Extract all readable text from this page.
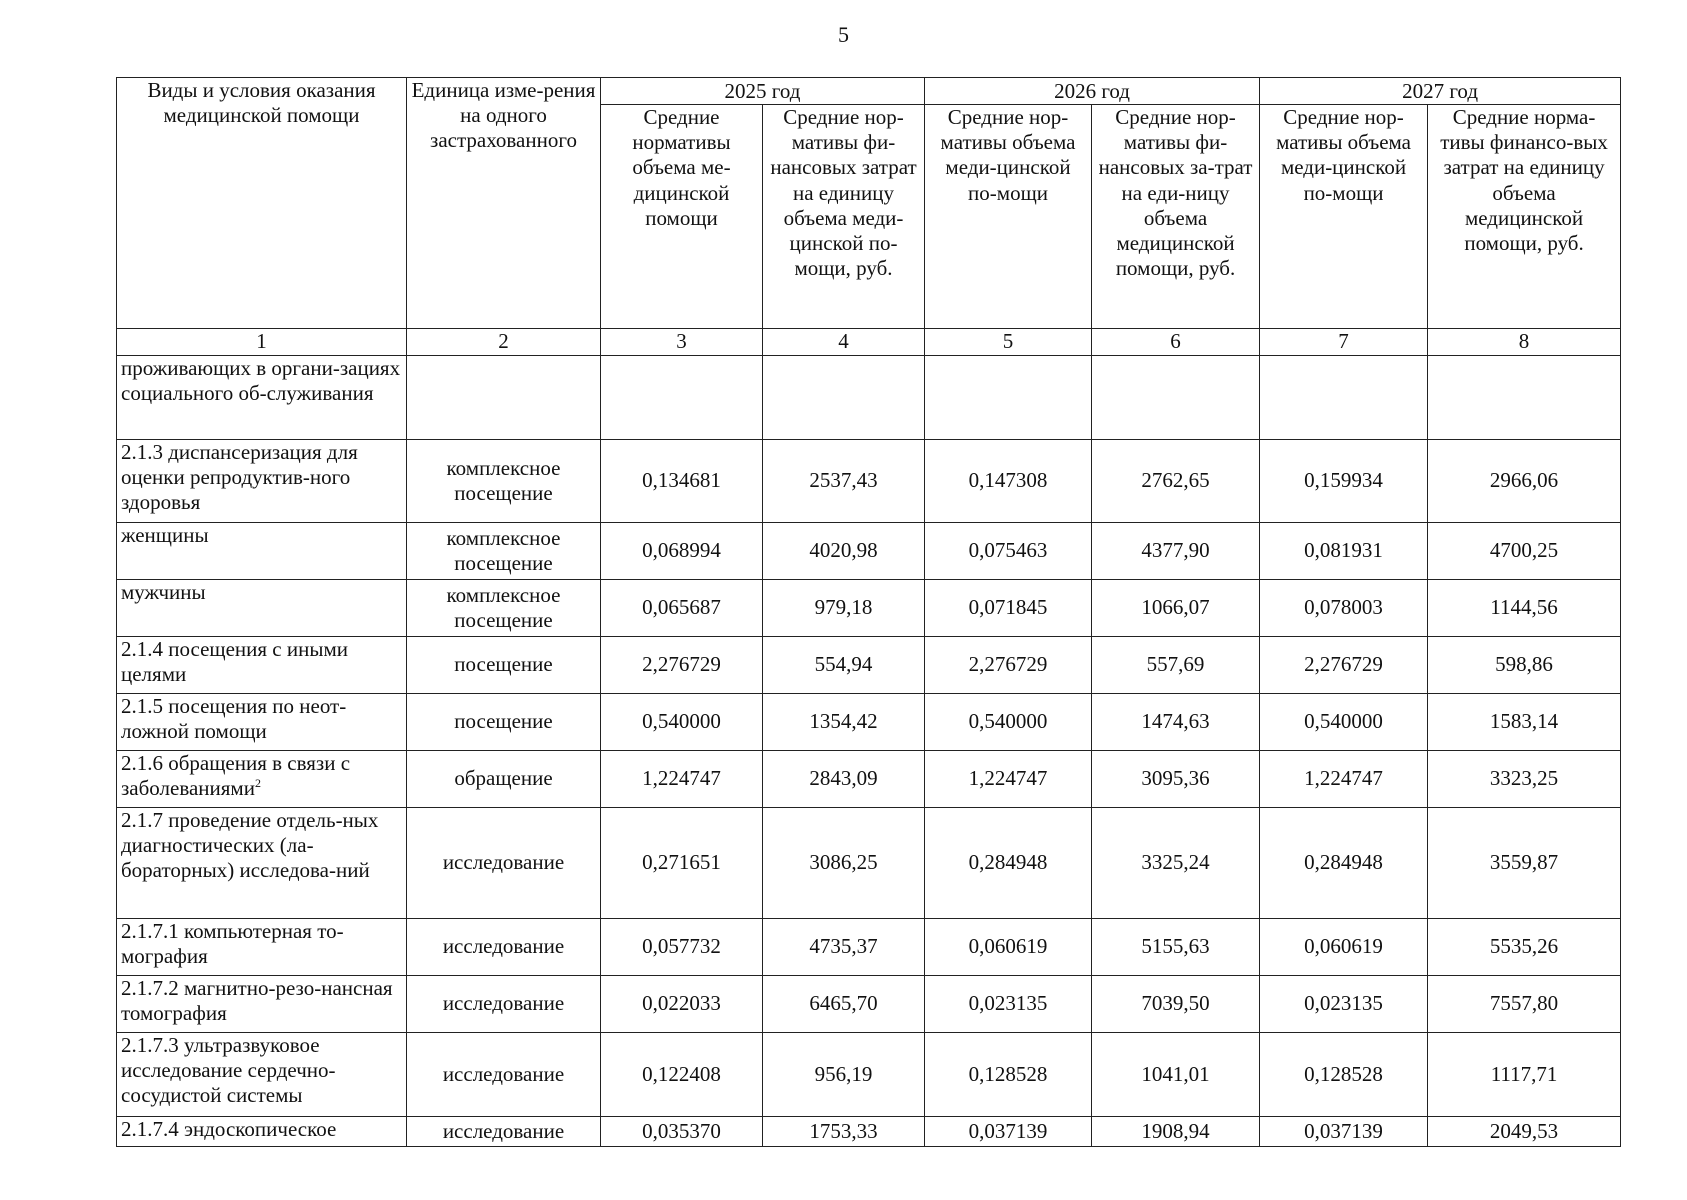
5
Виды и условия оказания медицинской помощи	Единица изме-рения на одного застрахованного	2025 год		2026 год		2027 год	
		Средние нормативы объема ме-дицинской помощи	Средние нор-мативы фи-нансовых затрат на единицу объема меди-цинской по-мощи, руб.	Средние нор-мативы объема меди-цинской по-мощи	Средние нор-мативы фи-нансовых за-трат на еди-ницу объема медицинской помощи, руб.	Средние нор-мативы объема меди-цинской по-мощи	Средние норма-тивы финансо-вых затрат на единицу объема медицинской помощи, руб.
1	2	3	4	5	6	7	8
проживающих в органи-зациях социального об-служивания							
2.1.3 диспансеризация для оценки репродуктив-ного здоровья	комплексное посещение	0,134681	2537,43	0,147308	2762,65	0,159934	2966,06
женщины	комплексное посещение	0,068994	4020,98	0,075463	4377,90	0,081931	4700,25
мужчины	комплексное посещение	0,065687	979,18	0,071845	1066,07	0,078003	1144,56
2.1.4 посещения с иными целями	посещение	2,276729	554,94	2,276729	557,69	2,276729	598,86
2.1.5 посещения по неот-ложной помощи	посещение	0,540000	1354,42	0,540000	1474,63	0,540000	1583,14
2.1.6 обращения в связи с заболеваниями$^2$	обращение	1,224747	2843,09	1,224747	3095,36	1,224747	3323,25
2.1.7 проведение отдель-ных диагностических (ла-бораторных) исследова-ний	исследование	0,271651	3086,25	0,284948	3325,24	0,284948	3559,87
2.1.7.1 компьютерная то-мография	исследование	0,057732	4735,37	0,060619	5155,63	0,060619	5535,26
2.1.7.2 магнитно-резо-нансная томография	исследование	0,022033	6465,70	0,023135	7039,50	0,023135	7557,80
2.1.7.3 ультразвуковое исследование сердечно-сосудистой системы	исследование	0,122408	956,19	0,128528	1041,01	0,128528	1117,71
2.1.7.4 эндоскопическое	исследование	0,035370	1753,33	0,037139	1908,94	0,037139	2049,53
